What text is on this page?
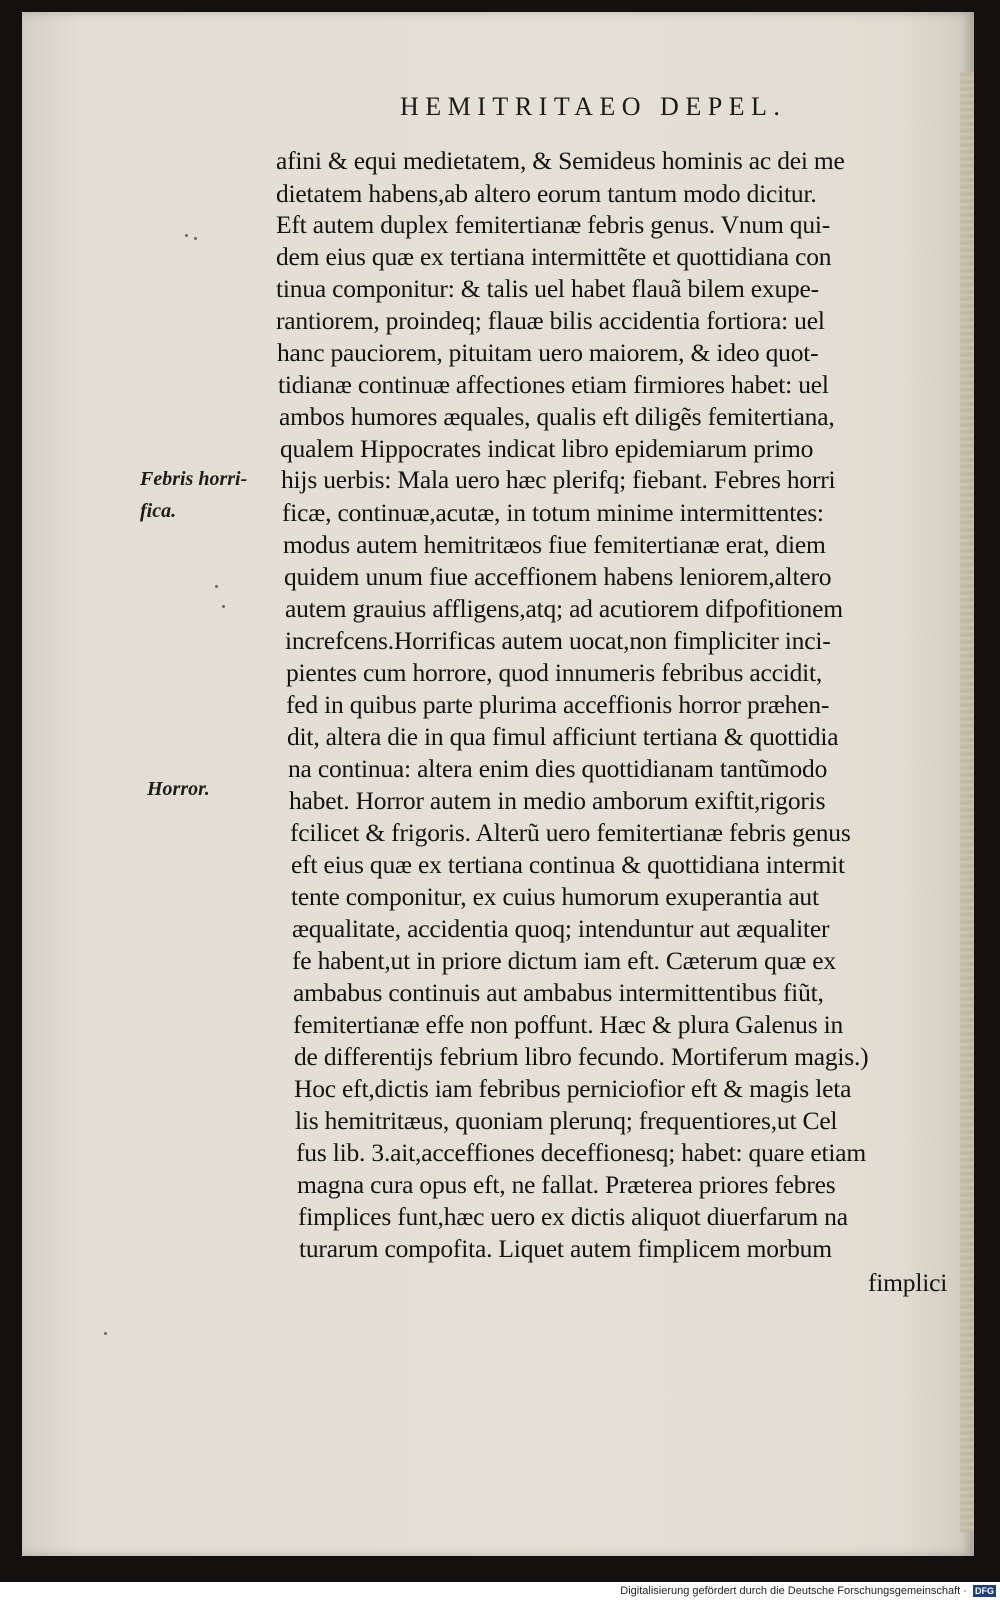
HEMITRITAEO DEPEL.
afini & equi medietatem, & Semideus hominis ac dei me
dietatem habens,ab altero eorum tantum modo dicitur.
Eft autem duplex femitertianæ febris genus. Vnum qui-
dem eius quæ ex tertiana intermittẽte et quottidiana con
tinua componitur: & talis uel habet flauã bilem exupe-
rantiorem, proindeq; flauæ bilis accidentia fortiora: uel
hanc pauciorem, pituitam uero maiorem, & ideo quot-
tidianæ continuæ affectiones etiam firmiores habet: uel
ambos humores æquales, qualis eft diligẽs femitertiana,
qualem Hippocrates indicat libro epidemiarum primo
hijs uerbis: Mala uero hæc plerifq; fiebant. Febres horri
ficæ, continuæ,acutæ, in totum minime intermittentes:
modus autem hemitritæos fiue femitertianæ erat, diem
quidem unum fiue acceffionem habens leniorem,altero
autem grauius affligens,atq; ad acutiorem difpofitionem
increfcens.Horrificas autem uocat,non fimpliciter inci-
pientes cum horrore, quod innumeris febribus accidit,
fed in quibus parte plurima acceffionis horror præhen-
dit, altera die in qua fimul afficiunt tertiana & quottidia
na continua: altera enim dies quottidianam tantũmodo
habet. Horror autem in medio amborum exiftit,rigoris
fcilicet & frigoris. Alterũ uero femitertianæ febris genus
eft eius quæ ex tertiana continua & quottidiana intermit
tente componitur, ex cuius humorum exuperantia aut
æqualitate, accidentia quoq; intenduntur aut æqualiter
fe habent,ut in priore dictum iam eft. Cæterum quæ ex
ambabus continuis aut ambabus intermittentibus fiũt,
femitertianæ effe non poffunt. Hæc & plura Galenus in
de differentijs febrium libro fecundo. Mortiferum magis.)
Hoc eft,dictis iam febribus perniciofior eft & magis leta
lis hemitritæus, quoniam plerunq; frequentiores,ut Cel
fus lib. 3.ait,acceffiones deceffionesq; habet: quare etiam
magna cura opus eft, ne fallat. Præterea priores febres
fimplices funt,hæc uero ex dictis aliquot diuerfarum na
turarum compofita. Liquet autem fimplicem morbum
fimplici
Febris horri-
fica.
Horror.
Digitalisierung gefördert durch die Deutsche Forschungsgemeinschaft · DFG
